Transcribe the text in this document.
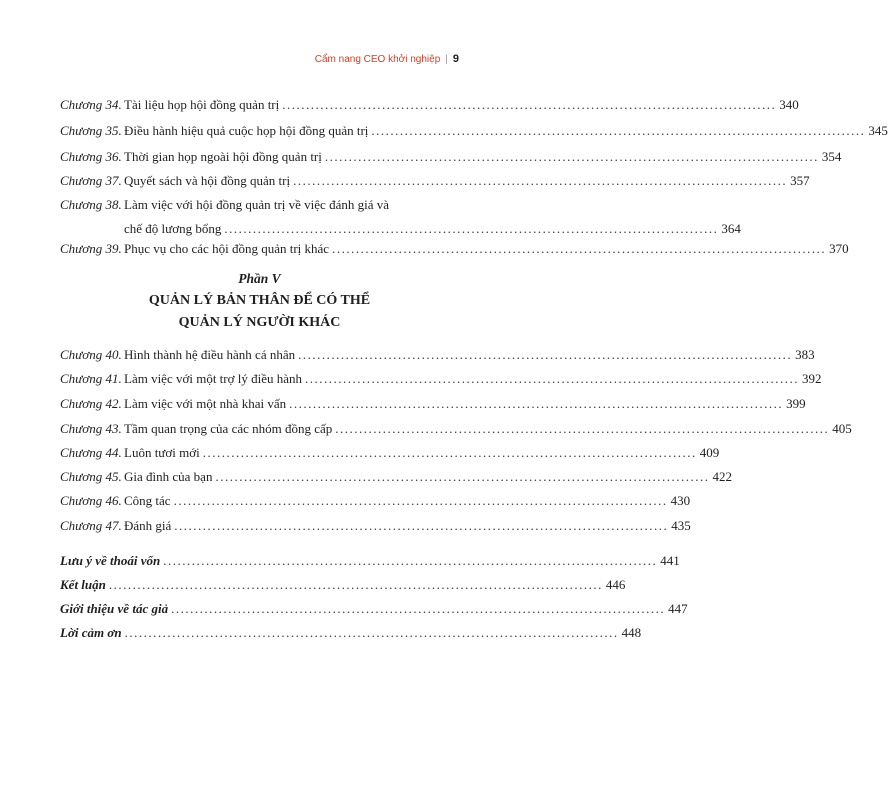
Cẩm nang CEO khởi nghiệp | 9
Chương 34. Tài liệu họp hội đồng quản trị ........................................................................................................ 340
Chương 35. Điều hành hiệu quả cuộc họp hội đồng quản trị ........................................................................................................ 345
Chương 36. Thời gian họp ngoài hội đồng quản trị ........................................................................................................ 354
Chương 37. Quyết sách và hội đồng quản trị ........................................................................................................ 357
Chương 38. Làm việc với hội đồng quản trị về việc đánh giá và
chế độ lương bổng ........................................................................................................ 364
Chương 39. Phục vụ cho các hội đồng quản trị khác ........................................................................................................ 370
Phần V
QUẢN LÝ BẢN THÂN ĐỂ CÓ THỂ
QUẢN LÝ NGƯỜI KHÁC
Chương 40. Hình thành hệ điều hành cá nhân ........................................................................................................ 383
Chương 41. Làm việc với một trợ lý điều hành ........................................................................................................ 392
Chương 42. Làm việc với một nhà khai vấn ........................................................................................................ 399
Chương 43. Tầm quan trọng của các nhóm đồng cấp ........................................................................................................ 405
Chương 44. Luôn tươi mới ........................................................................................................ 409
Chương 45. Gia đình của bạn ........................................................................................................ 422
Chương 46. Công tác ........................................................................................................ 430
Chương 47. Đánh giá ........................................................................................................ 435
Lưu ý về thoái vốn ........................................................................................................ 441
Kết luận ........................................................................................................ 446
Giới thiệu về tác giả ........................................................................................................ 447
Lời cảm ơn ........................................................................................................ 448
